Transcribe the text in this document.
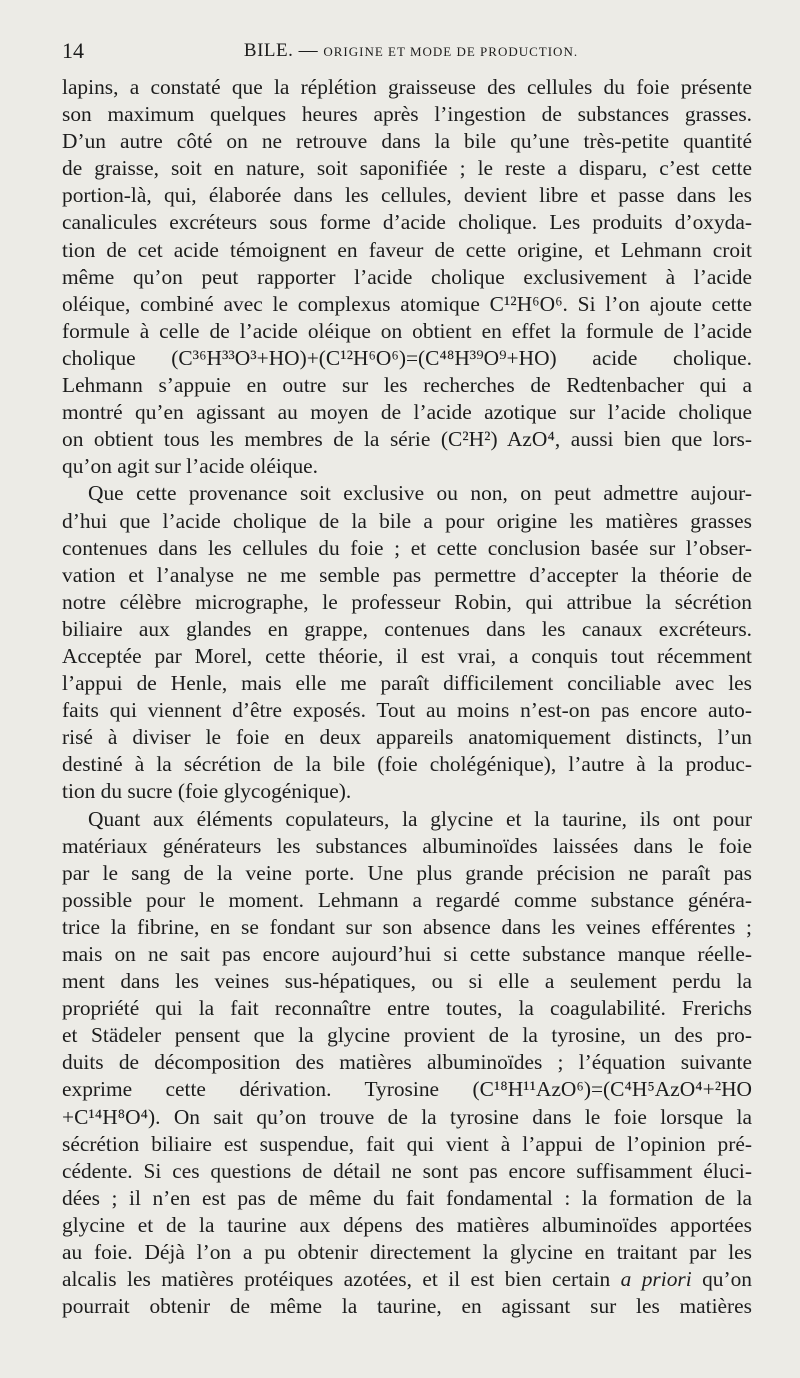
14	BILE. — ORIGINE ET MODE DE PRODUCTION.
lapins, a constaté que la réplétion graisseuse des cellules du foie présente
son maximum quelques heures après l’ingestion de substances grasses.
D’un autre côté on ne retrouve dans la bile qu’une très-petite quantité
de graisse, soit en nature, soit saponifiée ; le reste a disparu, c’est cette
portion-là, qui, élaborée dans les cellules, devient libre et passe dans les
canalicules excréteurs sous forme d’acide cholique. Les produits d’oxyda-
tion de cet acide témoignent en faveur de cette origine, et Lehmann croit
même qu’on peut rapporter l’acide cholique exclusivement à l’acide
oléique, combiné avec le complexus atomique C¹²H⁶O⁶. Si l’on ajoute cette
formule à celle de l’acide oléique on obtient en effet la formule de l’acide
cholique (C³⁶H³³O³+HO)+(C¹²H⁶O⁶)=(C⁴⁸H³⁹O⁹+HO) acide cholique.
Lehmann s’appuie en outre sur les recherches de Redtenbacher qui a
montré qu’en agissant au moyen de l’acide azotique sur l’acide cholique
on obtient tous les membres de la série (C²H²) AzO⁴, aussi bien que lors-
qu’on agit sur l’acide oléique.
Que cette provenance soit exclusive ou non, on peut admettre aujour-
d’hui que l’acide cholique de la bile a pour origine les matières grasses
contenues dans les cellules du foie ; et cette conclusion basée sur l’obser-
vation et l’analyse ne me semble pas permettre d’accepter la théorie de
notre célèbre micrographe, le professeur Robin, qui attribue la sécrétion
biliaire aux glandes en grappe, contenues dans les canaux excréteurs.
Acceptée par Morel, cette théorie, il est vrai, a conquis tout récemment
l’appui de Henle, mais elle me paraît difficilement conciliable avec les
faits qui viennent d’être exposés. Tout au moins n’est-on pas encore auto-
risé à diviser le foie en deux appareils anatomiquement distincts, l’un
destiné à la sécrétion de la bile (foie cholégénique), l’autre à la produc-
tion du sucre (foie glycogénique).
Quant aux éléments copulateurs, la glycine et la taurine, ils ont pour
matériaux générateurs les substances albuminoïdes laissées dans le foie
par le sang de la veine porte. Une plus grande précision ne paraît pas
possible pour le moment. Lehmann a regardé comme substance généra-
trice la fibrine, en se fondant sur son absence dans les veines efférentes ;
mais on ne sait pas encore aujourd’hui si cette substance manque réelle-
ment dans les veines sus-hépatiques, ou si elle a seulement perdu la
propriété qui la fait reconnaître entre toutes, la coagulabilité. Frerichs
et Städeler pensent que la glycine provient de la tyrosine, un des pro-
duits de décomposition des matières albuminoïdes ; l’équation suivante
exprime cette dérivation. Tyrosine (C¹⁸H¹¹AzO⁶)=(C⁴H⁵AzO⁴+²HO
+C¹⁴H⁸O⁴). On sait qu’on trouve de la tyrosine dans le foie lorsque la
sécrétion biliaire est suspendue, fait qui vient à l’appui de l’opinion pré-
cédente. Si ces questions de détail ne sont pas encore suffisamment éluci-
dées ; il n’en est pas de même du fait fondamental : la formation de la
glycine et de la taurine aux dépens des matières albuminoïdes apportées
au foie. Déjà l’on a pu obtenir directement la glycine en traitant par les
alcalis les matières protéiques azotées, et il est bien certain a priori qu’on
pourrait obtenir de même la taurine, en agissant sur les matières
